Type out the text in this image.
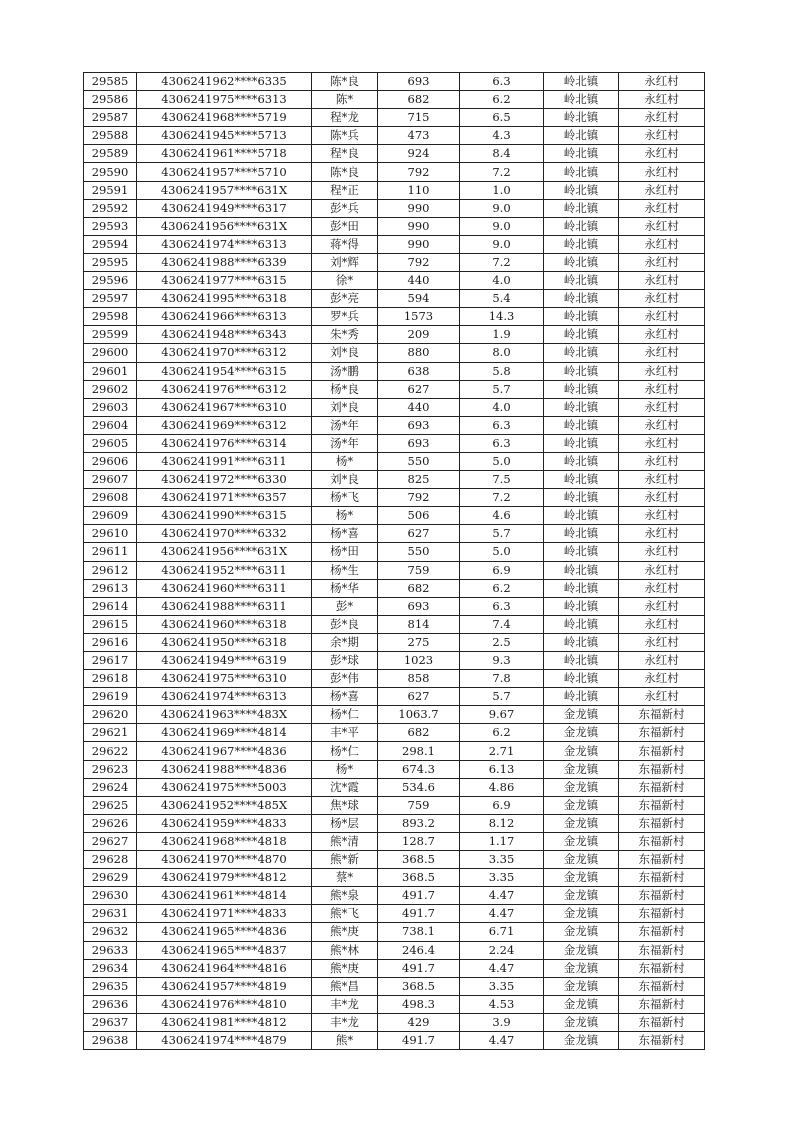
29585	4306241962****6335	陈*良	693	6.3	岭北镇	永红村
29586	4306241975****6313	陈*	682	6.2	岭北镇	永红村
29587	4306241968****5719	程*龙	715	6.5	岭北镇	永红村
29588	4306241945****5713	陈*兵	473	4.3	岭北镇	永红村
29589	4306241961****5718	程*良	924	8.4	岭北镇	永红村
29590	4306241957****5710	陈*良	792	7.2	岭北镇	永红村
29591	4306241957****631X	程*正	110	1.0	岭北镇	永红村
29592	4306241949****6317	彭*兵	990	9.0	岭北镇	永红村
29593	4306241956****631X	彭*田	990	9.0	岭北镇	永红村
29594	4306241974****6313	蒋*得	990	9.0	岭北镇	永红村
29595	4306241988****6339	刘*辉	792	7.2	岭北镇	永红村
29596	4306241977****6315	徐*	440	4.0	岭北镇	永红村
29597	4306241995****6318	彭*亮	594	5.4	岭北镇	永红村
29598	4306241966****6313	罗*兵	1573	14.3	岭北镇	永红村
29599	4306241948****6343	朱*秀	209	1.9	岭北镇	永红村
29600	4306241970****6312	刘*良	880	8.0	岭北镇	永红村
29601	4306241954****6315	汤*鹏	638	5.8	岭北镇	永红村
29602	4306241976****6312	杨*良	627	5.7	岭北镇	永红村
29603	4306241967****6310	刘*良	440	4.0	岭北镇	永红村
29604	4306241969****6312	汤*年	693	6.3	岭北镇	永红村
29605	4306241976****6314	汤*年	693	6.3	岭北镇	永红村
29606	4306241991****6311	杨*	550	5.0	岭北镇	永红村
29607	4306241972****6330	刘*良	825	7.5	岭北镇	永红村
29608	4306241971****6357	杨*飞	792	7.2	岭北镇	永红村
29609	4306241990****6315	杨*	506	4.6	岭北镇	永红村
29610	4306241970****6332	杨*喜	627	5.7	岭北镇	永红村
29611	4306241956****631X	杨*田	550	5.0	岭北镇	永红村
29612	4306241952****6311	杨*生	759	6.9	岭北镇	永红村
29613	4306241960****6311	杨*华	682	6.2	岭北镇	永红村
29614	4306241988****6311	彭*	693	6.3	岭北镇	永红村
29615	4306241960****6318	彭*良	814	7.4	岭北镇	永红村
29616	4306241950****6318	余*期	275	2.5	岭北镇	永红村
29617	4306241949****6319	彭*球	1023	9.3	岭北镇	永红村
29618	4306241975****6310	彭*伟	858	7.8	岭北镇	永红村
29619	4306241974****6313	杨*喜	627	5.7	岭北镇	永红村
29620	4306241963****483X	杨*仁	1063.7	9.67	金龙镇	东福新村
29621	4306241969****4814	丰*平	682	6.2	金龙镇	东福新村
29622	4306241967****4836	杨*仁	298.1	2.71	金龙镇	东福新村
29623	4306241988****4836	杨*	674.3	6.13	金龙镇	东福新村
29624	4306241975****5003	沈*霞	534.6	4.86	金龙镇	东福新村
29625	4306241952****485X	焦*球	759	6.9	金龙镇	东福新村
29626	4306241959****4833	杨*层	893.2	8.12	金龙镇	东福新村
29627	4306241968****4818	熊*清	128.7	1.17	金龙镇	东福新村
29628	4306241970****4870	熊*新	368.5	3.35	金龙镇	东福新村
29629	4306241979****4812	蔡*	368.5	3.35	金龙镇	东福新村
29630	4306241961****4814	熊*泉	491.7	4.47	金龙镇	东福新村
29631	4306241971****4833	熊*飞	491.7	4.47	金龙镇	东福新村
29632	4306241965****4836	熊*庚	738.1	6.71	金龙镇	东福新村
29633	4306241965****4837	熊*林	246.4	2.24	金龙镇	东福新村
29634	4306241964****4816	熊*庚	491.7	4.47	金龙镇	东福新村
29635	4306241957****4819	熊*昌	368.5	3.35	金龙镇	东福新村
29636	4306241976****4810	丰*龙	498.3	4.53	金龙镇	东福新村
29637	4306241981****4812	丰*龙	429	3.9	金龙镇	东福新村
29638	4306241974****4879	熊*	491.7	4.47	金龙镇	东福新村
